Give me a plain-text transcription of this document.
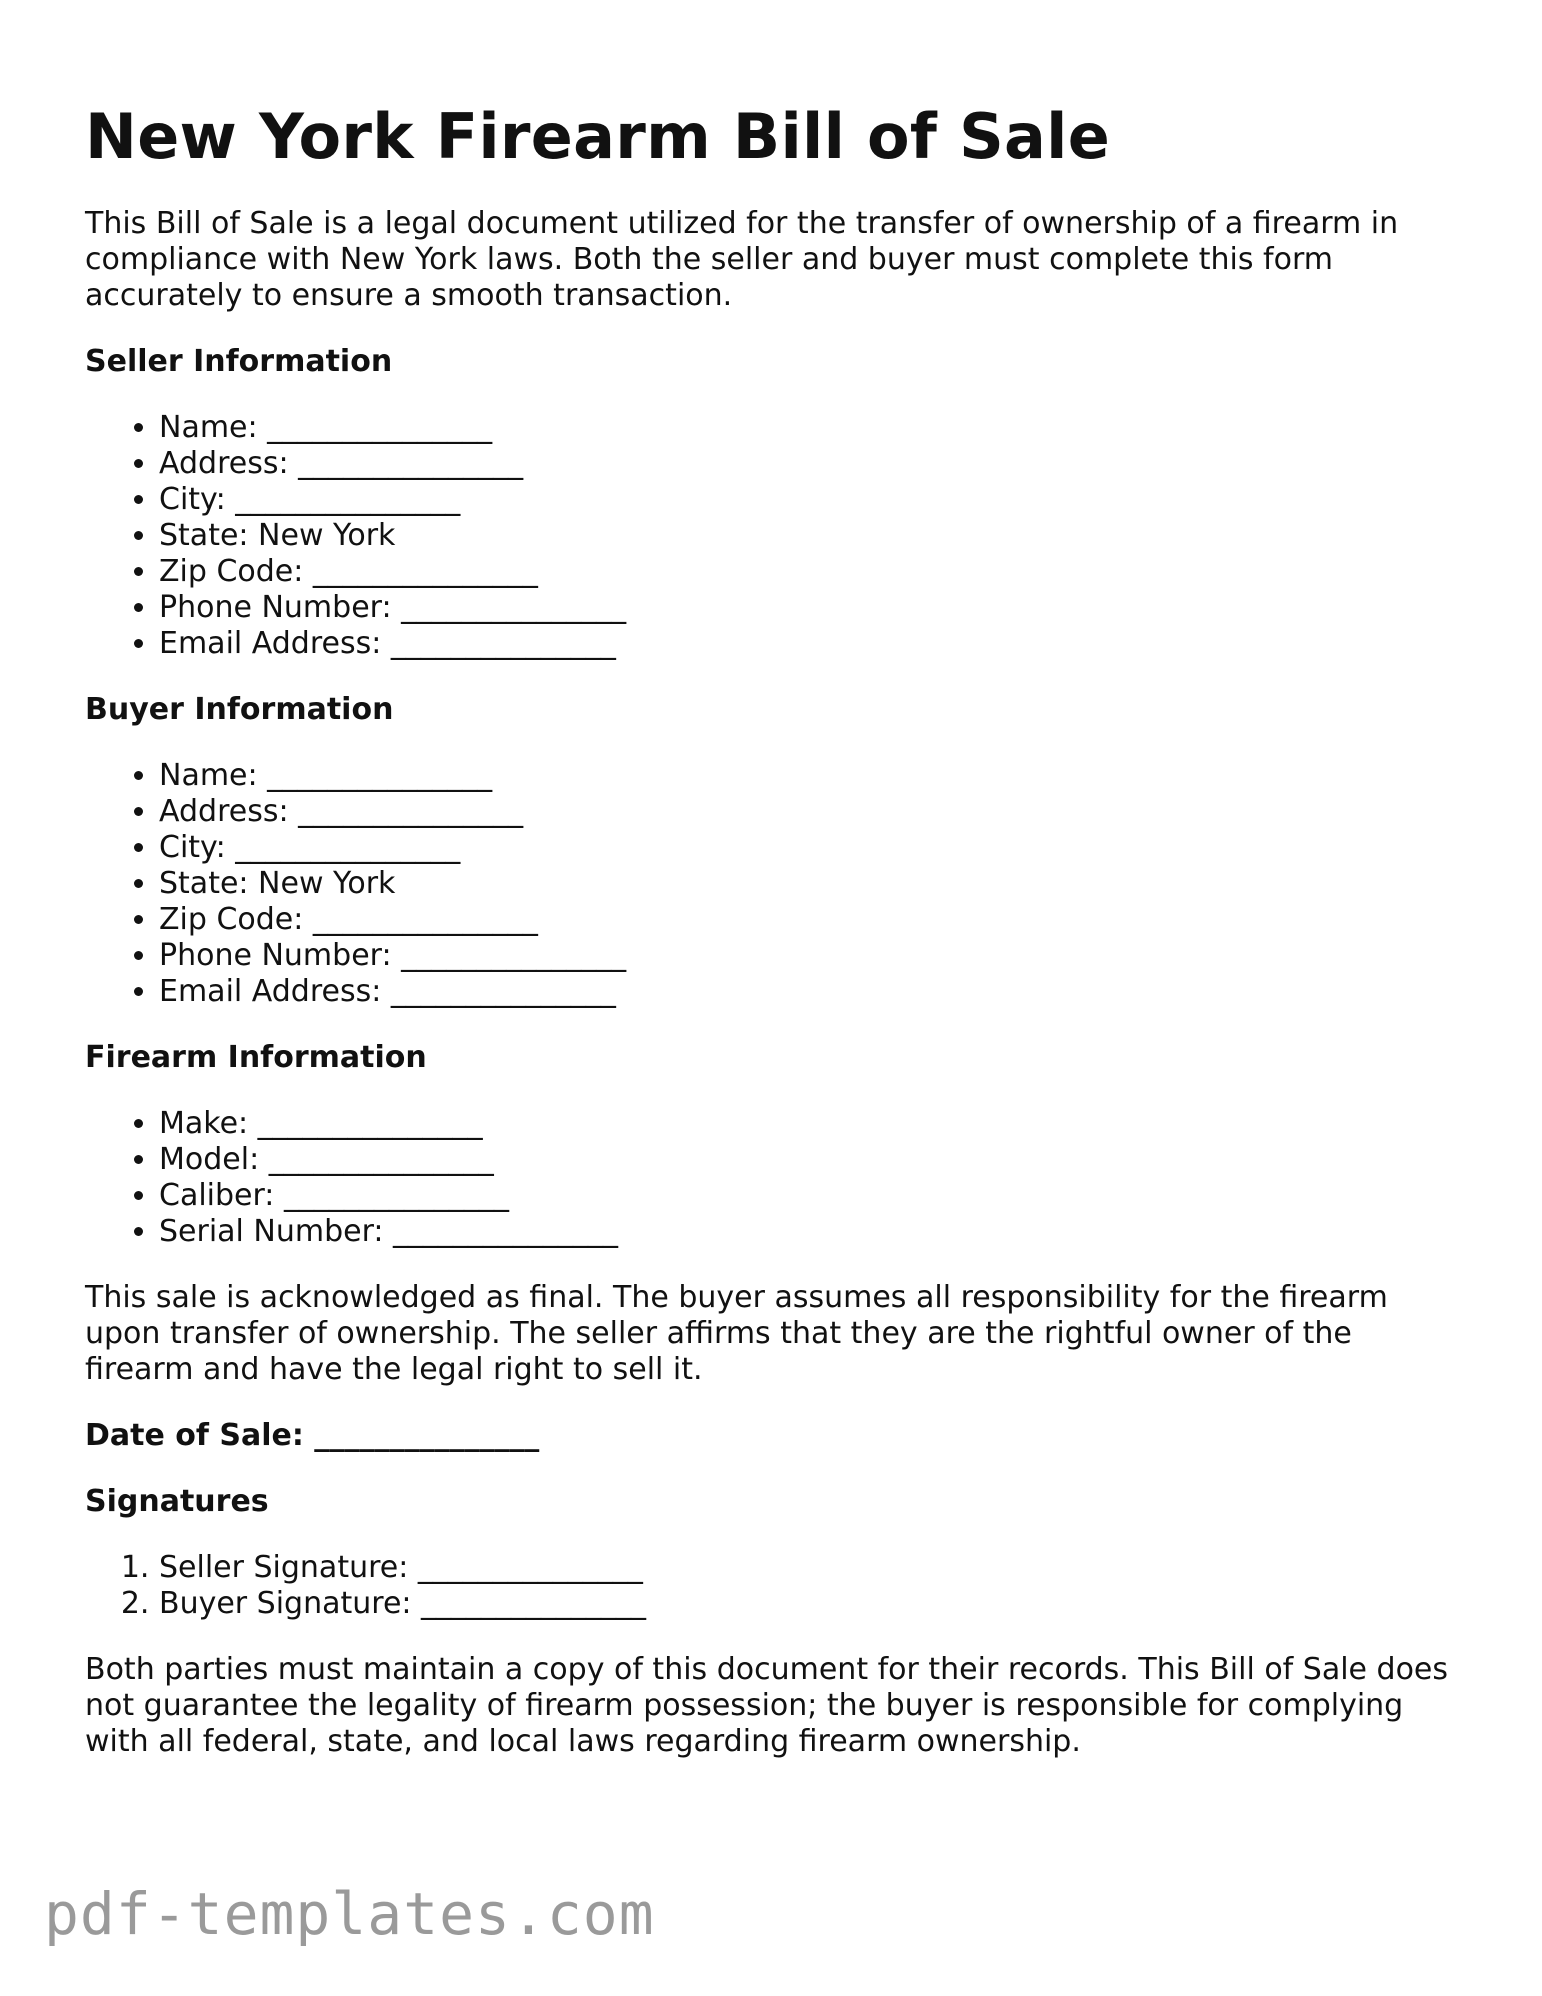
New York Firearm Bill of Sale

This Bill of Sale is a legal document utilized for the transfer of ownership of a firearm in compliance with New York laws. Both the seller and buyer must complete this form accurately to ensure a smooth transaction.

Seller Information
• Name: _______________
• Address: _______________
• City: _______________
• State: New York
• Zip Code: _______________
• Phone Number: _______________
• Email Address: _______________
Buyer Information
• Name: _______________
• Address: _______________
• City: _______________
• State: New York
• Zip Code: _______________
• Phone Number: _______________
• Email Address: _______________
Firearm Information
• Make: _______________
• Model: _______________
• Caliber: _______________
• Serial Number: _______________

This sale is acknowledged as final. The buyer assumes all responsibility for the firearm upon transfer of ownership. The seller affirms that they are the rightful owner of the firearm and have the legal right to sell it.

Date of Sale: _______________
Signatures
1. Seller Signature: _______________
2. Buyer Signature: _______________

Both parties must maintain a copy of this document for their records. This Bill of Sale does not guarantee the legality of firearm possession; the buyer is responsible for complying with all federal, state, and local laws regarding firearm ownership.

pdf-templates.com
